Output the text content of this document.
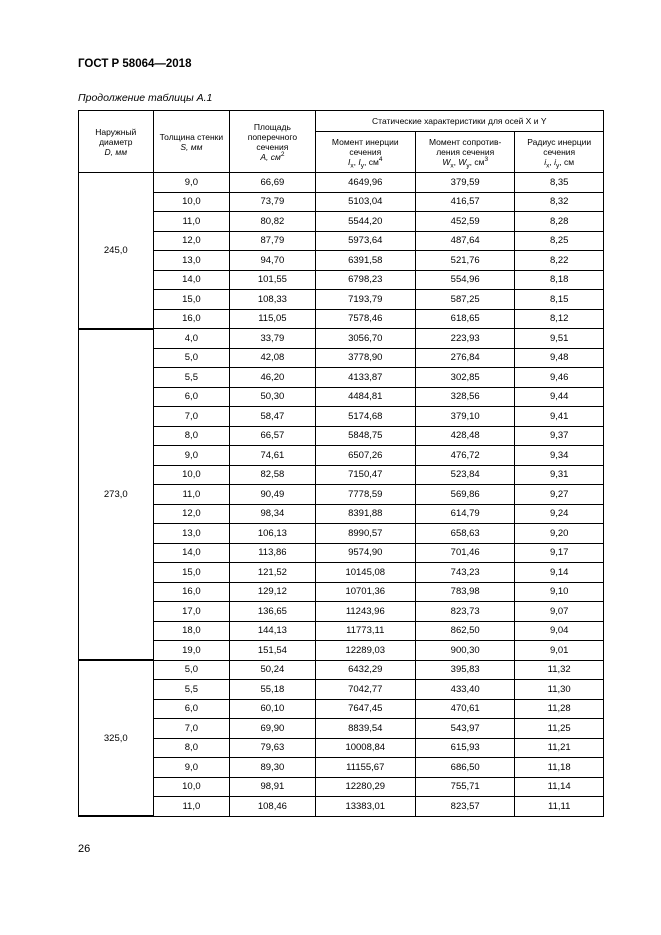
ГОСТ Р 58064—2018
Продолжение таблицы А.1
Наружный
диаметр
D, мм	Толщина стенки
S, мм	Площадь
поперечного
сечения
A, $см^2$	Статические характеристики для осей X и Y		
			Момент инерции
сечения
$I_x$, $I_y$, $см^4$	Момент сопротив-
ления сечения
$W_x$, $W_y$, $см^3$	Радиус инерции
сечения
$i_x$, $i_y$, см
245,0	9,0	66,69	4649,96	379,59	8,35
	10,0	73,79	5103,04	416,57	8,32
	11,0	80,82	5544,20	452,59	8,28
	12,0	87,79	5973,64	487,64	8,25
	13,0	94,70	6391,58	521,76	8,22
	14,0	101,55	6798,23	554,96	8,18
	15,0	108,33	7193,79	587,25	8,15
	16,0	115,05	7578,46	618,65	8,12
273,0	4,0	33,79	3056,70	223,93	9,51
	5,0	42,08	3778,90	276,84	9,48
	5,5	46,20	4133,87	302,85	9,46
	6,0	50,30	4484,81	328,56	9,44
	7,0	58,47	5174,68	379,10	9,41
	8,0	66,57	5848,75	428,48	9,37
	9,0	74,61	6507,26	476,72	9,34
	10,0	82,58	7150,47	523,84	9,31
	11,0	90,49	7778,59	569,86	9,27
	12,0	98,34	8391,88	614,79	9,24
	13,0	106,13	8990,57	658,63	9,20
	14,0	113,86	9574,90	701,46	9,17
	15,0	121,52	10145,08	743,23	9,14
	16,0	129,12	10701,36	783,98	9,10
	17,0	136,65	11243,96	823,73	9,07
	18,0	144,13	11773,11	862,50	9,04
	19,0	151,54	12289,03	900,30	9,01
325,0	5,0	50,24	6432,29	395,83	11,32
	5,5	55,18	7042,77	433,40	11,30
	6,0	60,10	7647,45	470,61	11,28
	7,0	69,90	8839,54	543,97	11,25
	8,0	79,63	10008,84	615,93	11,21
	9,0	89,30	11155,67	686,50	11,18
	10,0	98,91	12280,29	755,71	11,14
	11,0	108,46	13383,01	823,57	11,11
26
